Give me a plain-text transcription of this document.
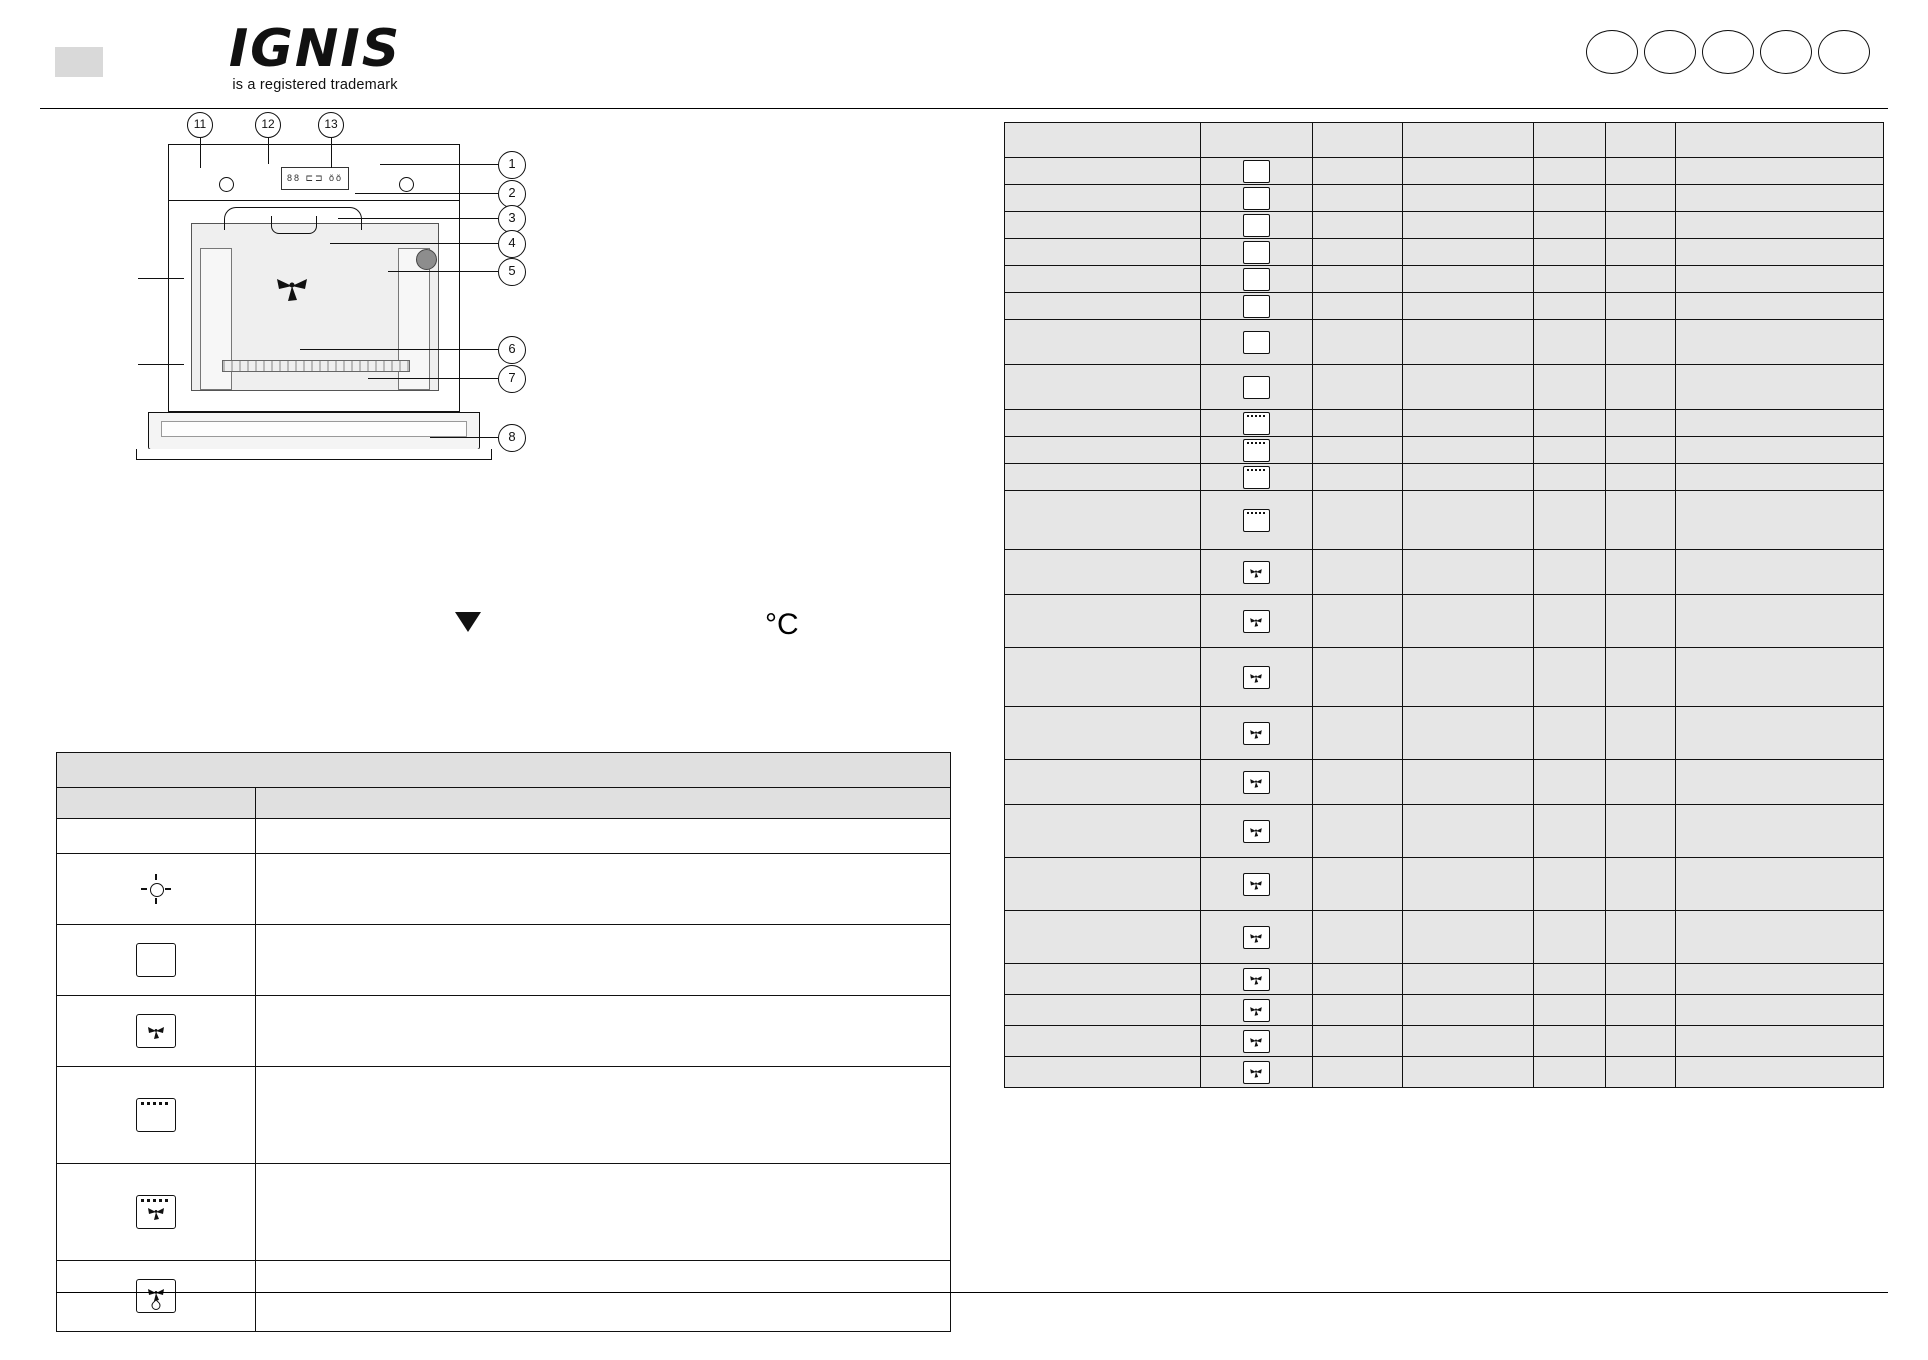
IGNIS
is a registered trademark
88 ⊏⊐ ŏŏ
11	12	13
1
2
3
4
5
6
7
8
°C
